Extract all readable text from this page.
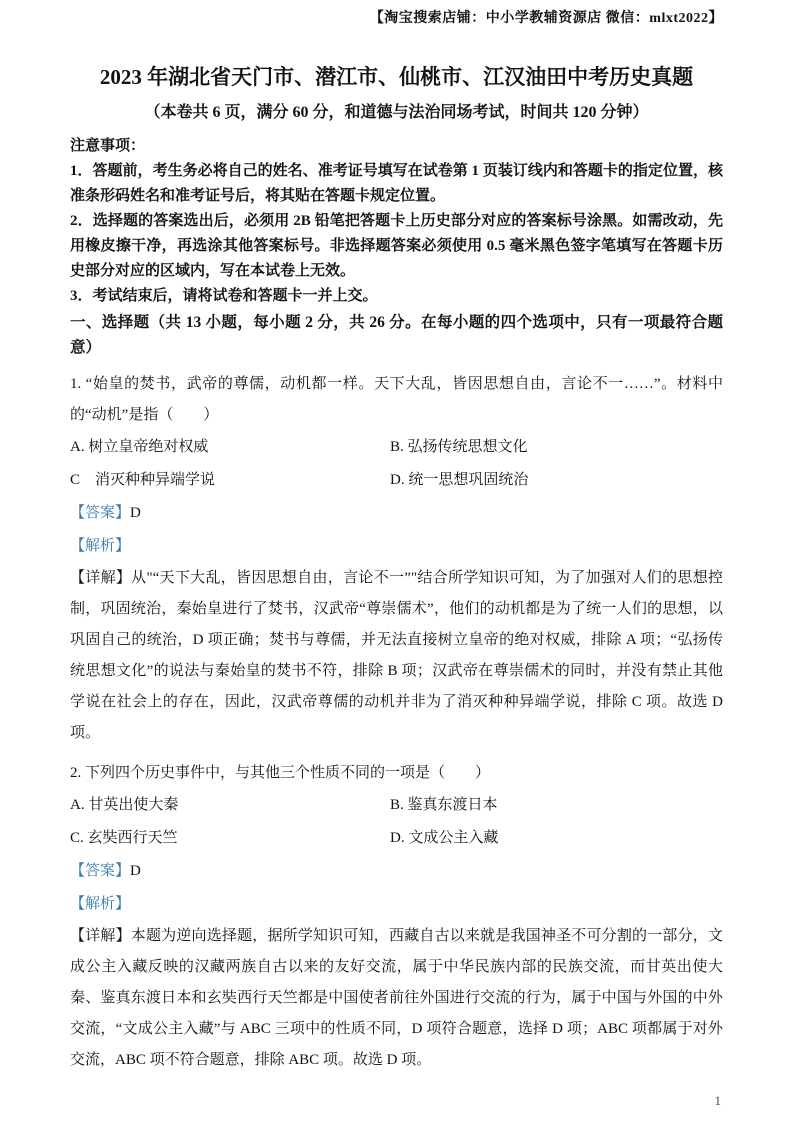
【淘宝搜索店铺：中小学教辅资源店 微信：mlxt2022】
2023 年湖北省天门市、潜江市、仙桃市、江汉油田中考历史真题
（本卷共 6 页，满分 60 分，和道德与法治同场考试，时间共 120 分钟）

注意事项：

1．答题前，考生务必将自己的姓名、准考证号填写在试卷第 1 页装订线内和答题卡的指定位置，核准条形码姓名和准考证号后，将其贴在答题卡规定位置。

2．选择题的答案选出后，必须用 2B 铅笔把答题卡上历史部分对应的答案标号涂黑。如需改动，先用橡皮擦干净，再选涂其他答案标号。非选择题答案必须使用 0.5 毫米黑色签字笔填写在答题卡历史部分对应的区域内，写在本试卷上无效。

3．考试结束后，请将试卷和答题卡一并上交。

一、选择题（共 13 小题，每小题 2 分，共 26 分。在每小题的四个选项中，只有一项最符合题意）

1. “始皇的焚书，武帝的尊儒，动机都一样。天下大乱，皆因思想自由，言论不一……”。材料中的“动机”是指（　　）

A. 树立皇帝绝对权威	B. 弘扬传统思想文化
C　消灭种种异端学说	D. 统一思想巩固统治

【答案】D

【解析】

【详解】从"“天下大乱，皆因思想自由，言论不一”"结合所学知识可知，为了加强对人们的思想控制，巩固统治，秦始皇进行了焚书，汉武帝“尊崇儒术”，他们的动机都是为了统一人们的思想，以巩固自己的统治，D 项正确；焚书与尊儒，并无法直接树立皇帝的绝对权威，排除 A 项；“弘扬传统思想文化”的说法与秦始皇的焚书不符，排除 B 项；汉武帝在尊崇儒术的同时，并没有禁止其他学说在社会上的存在，因此，汉武帝尊儒的动机并非为了消灭种种异端学说，排除 C 项。故选 D 项。

2. 下列四个历史事件中，与其他三个性质不同的一项是（　　）

A. 甘英出使大秦	B. 鉴真东渡日本
C. 玄奘西行天竺	D. 文成公主入藏

【答案】D

【解析】

【详解】本题为逆向选择题，据所学知识可知，西藏自古以来就是我国神圣不可分割的一部分，文成公主入藏反映的汉藏两族自古以来的友好交流，属于中华民族内部的民族交流，而甘英出使大秦、鉴真东渡日本和玄奘西行天竺都是中国使者前往外国进行交流的行为，属于中国与外国的中外交流，“文成公主入藏”与 ABC 三项中的性质不同，D 项符合题意，选择 D 项；ABC 项都属于对外交流，ABC 项不符合题意，排除 ABC 项。故选 D 项。

1
